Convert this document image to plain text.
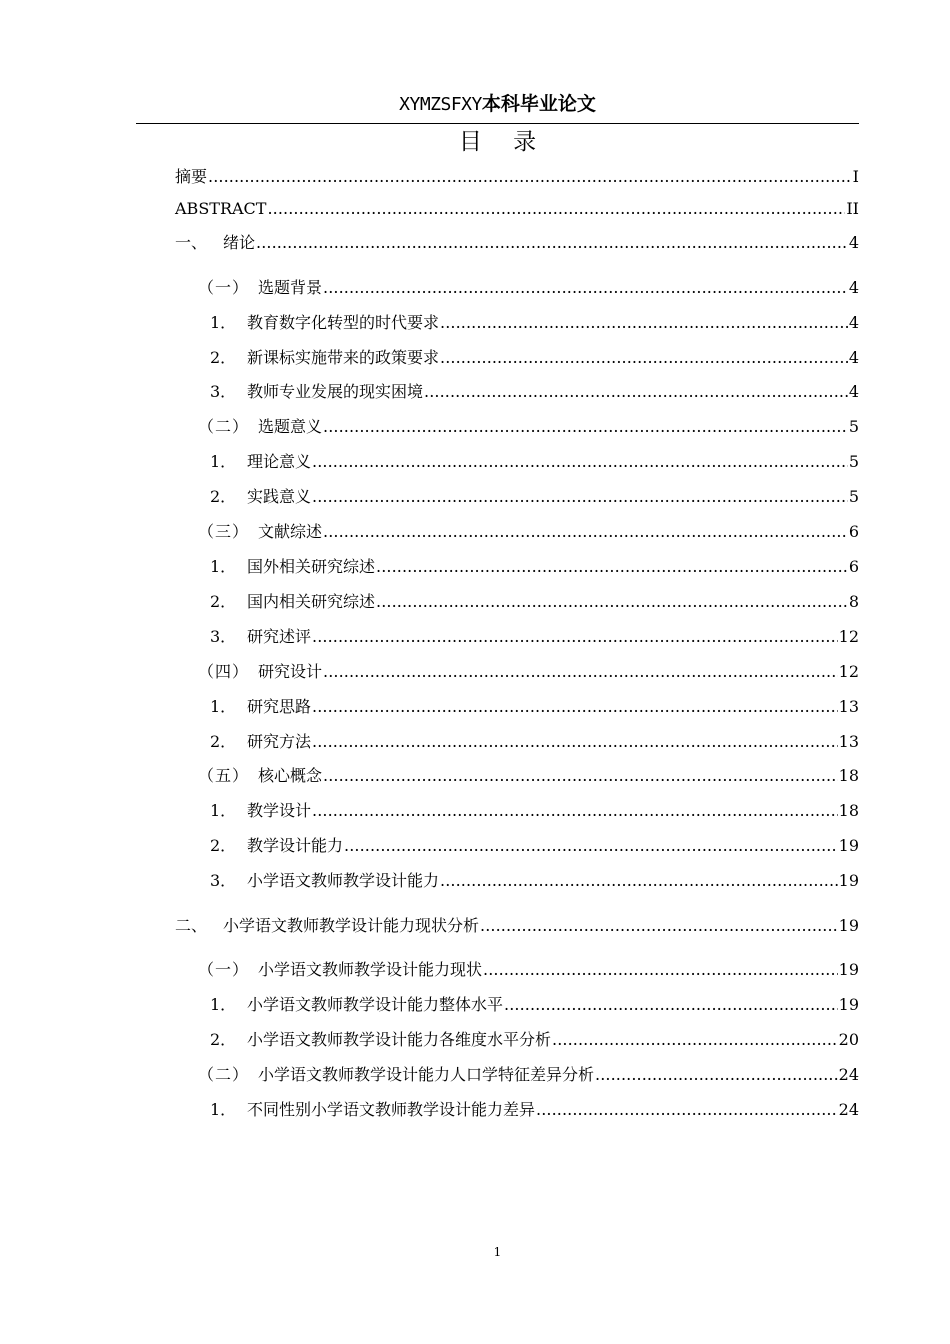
XYMZSFXY本科毕业论文
目 录
摘要 .....	I
ABSTRACT .....	II
一、 绪论 .....	4
（一） 选题背景 .....	4
1． 教育数字化转型的时代要求 .....	4
2． 新课标实施带来的政策要求 .....	4
3． 教师专业发展的现实困境 .....	4
（二） 选题意义 .....	5
1． 理论意义 .....	5
2． 实践意义 .....	5
（三） 文献综述 .....	6
1． 国外相关研究综述 .....	6
2． 国内相关研究综述 .....	8
3． 研究述评 .....	12
（四） 研究设计 .....	12
1． 研究思路 .....	13
2． 研究方法 .....	13
（五） 核心概念 .....	18
1． 教学设计 .....	18
2． 教学设计能力 .....	19
3． 小学语文教师教学设计能力 .....	19
二、 小学语文教师教学设计能力现状分析 .....	19
（一） 小学语文教师教学设计能力现状 .....	19
1． 小学语文教师教学设计能力整体水平 .....	19
2． 小学语文教师教学设计能力各维度水平分析 .....	20
（二） 小学语文教师教学设计能力人口学特征差异分析 .....	24
1． 不同性别小学语文教师教学设计能力差异 .....	24
1
